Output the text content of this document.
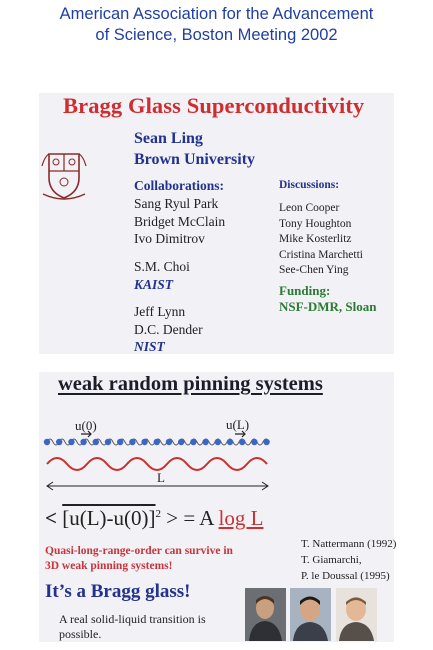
American Association for the Advancement
of Science, Boston Meeting 2002
Bragg Glass Superconductivity
Sean Ling
Brown University
Collaborations:
Sang Ryul Park
Bridget McClain
Ivo Dimitrov
S.M. Choi
KAIST
Jeff Lynn
D.C. Dender
NIST
Discussions:
Leon Cooper
Tony Houghton
Mike Kosterlitz
Cristina Marchetti
See-Chen Ying
Funding:
NSF-DMR, Sloan
weak random pinning systems
u(0)	u(L)
L
< $[u(L)-u(0)]^2$ > = A log L
Quasi-long-range-order can survive in
3D weak pinning systems!
T. Nattermann (1992)
T. Giamarchi,
P. le Doussal (1995)
It’s a Bragg glass!
A real solid-liquid transition is
possible.
